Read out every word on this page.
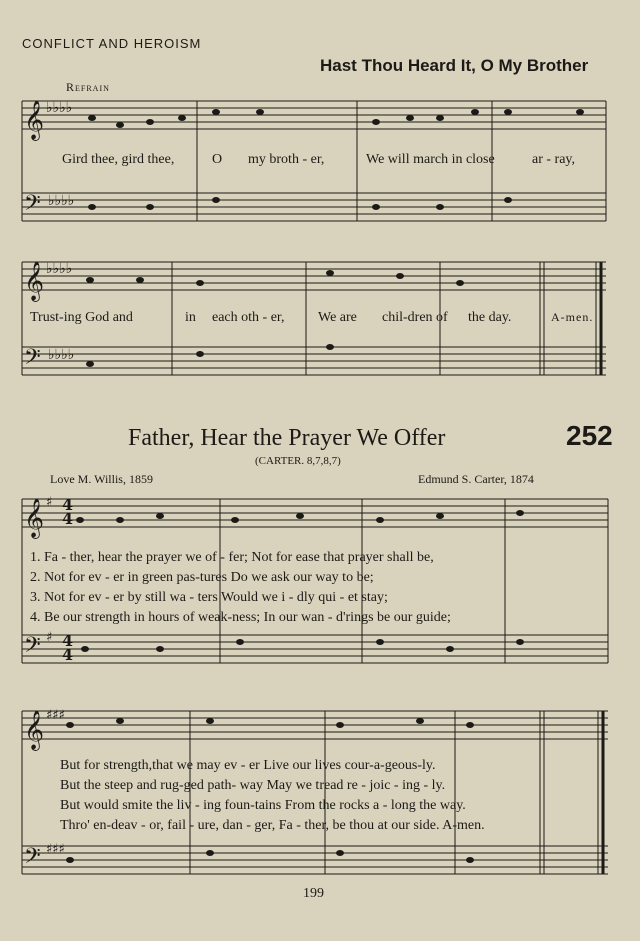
𝄞
𝄢
𝄞
𝄢
𝄞
𝄢
𝄞
𝄢
♭♭♭♭
♭♭♭♭
♭♭♭♭
♭♭♭♭
♯ 4
4
♯ 4
4
♯♯♯
♯♯♯
CONFLICT AND HEROISM
Hast Thou Heard It, O My Brother
Refrain
Gird thee, gird thee,	O my broth - er,	We will march in close	ar - ray,
Trust-ing God and	in each oth - er, We are chil-dren of the day.	A-men.
Father, Hear the Prayer We Offer	252
(CARTER. 8,7,8,7)
Love M. Willis, 1859	Edmund S. Carter, 1874
1. Fa - ther, hear the prayer we of - fer; Not for ease that prayer shall be,
2. Not for ev - er in green pas-tures Do we ask our way to be;
3. Not for ev - er by still wa - ters Would we i - dly qui - et stay;
4. Be our strength in hours of weak-ness; In our wan - d'rings be our guide;
But for strength,that we may ev - er Live our lives cour-a-geous-ly.
But the steep and rug-ged path- way May we tread re - joic - ing - ly.
But would smite the liv - ing foun-tains From the rocks a - long the way.
Thro' en-deav - or, fail - ure, dan - ger, Fa - ther, be thou at our side. A-men.
199
